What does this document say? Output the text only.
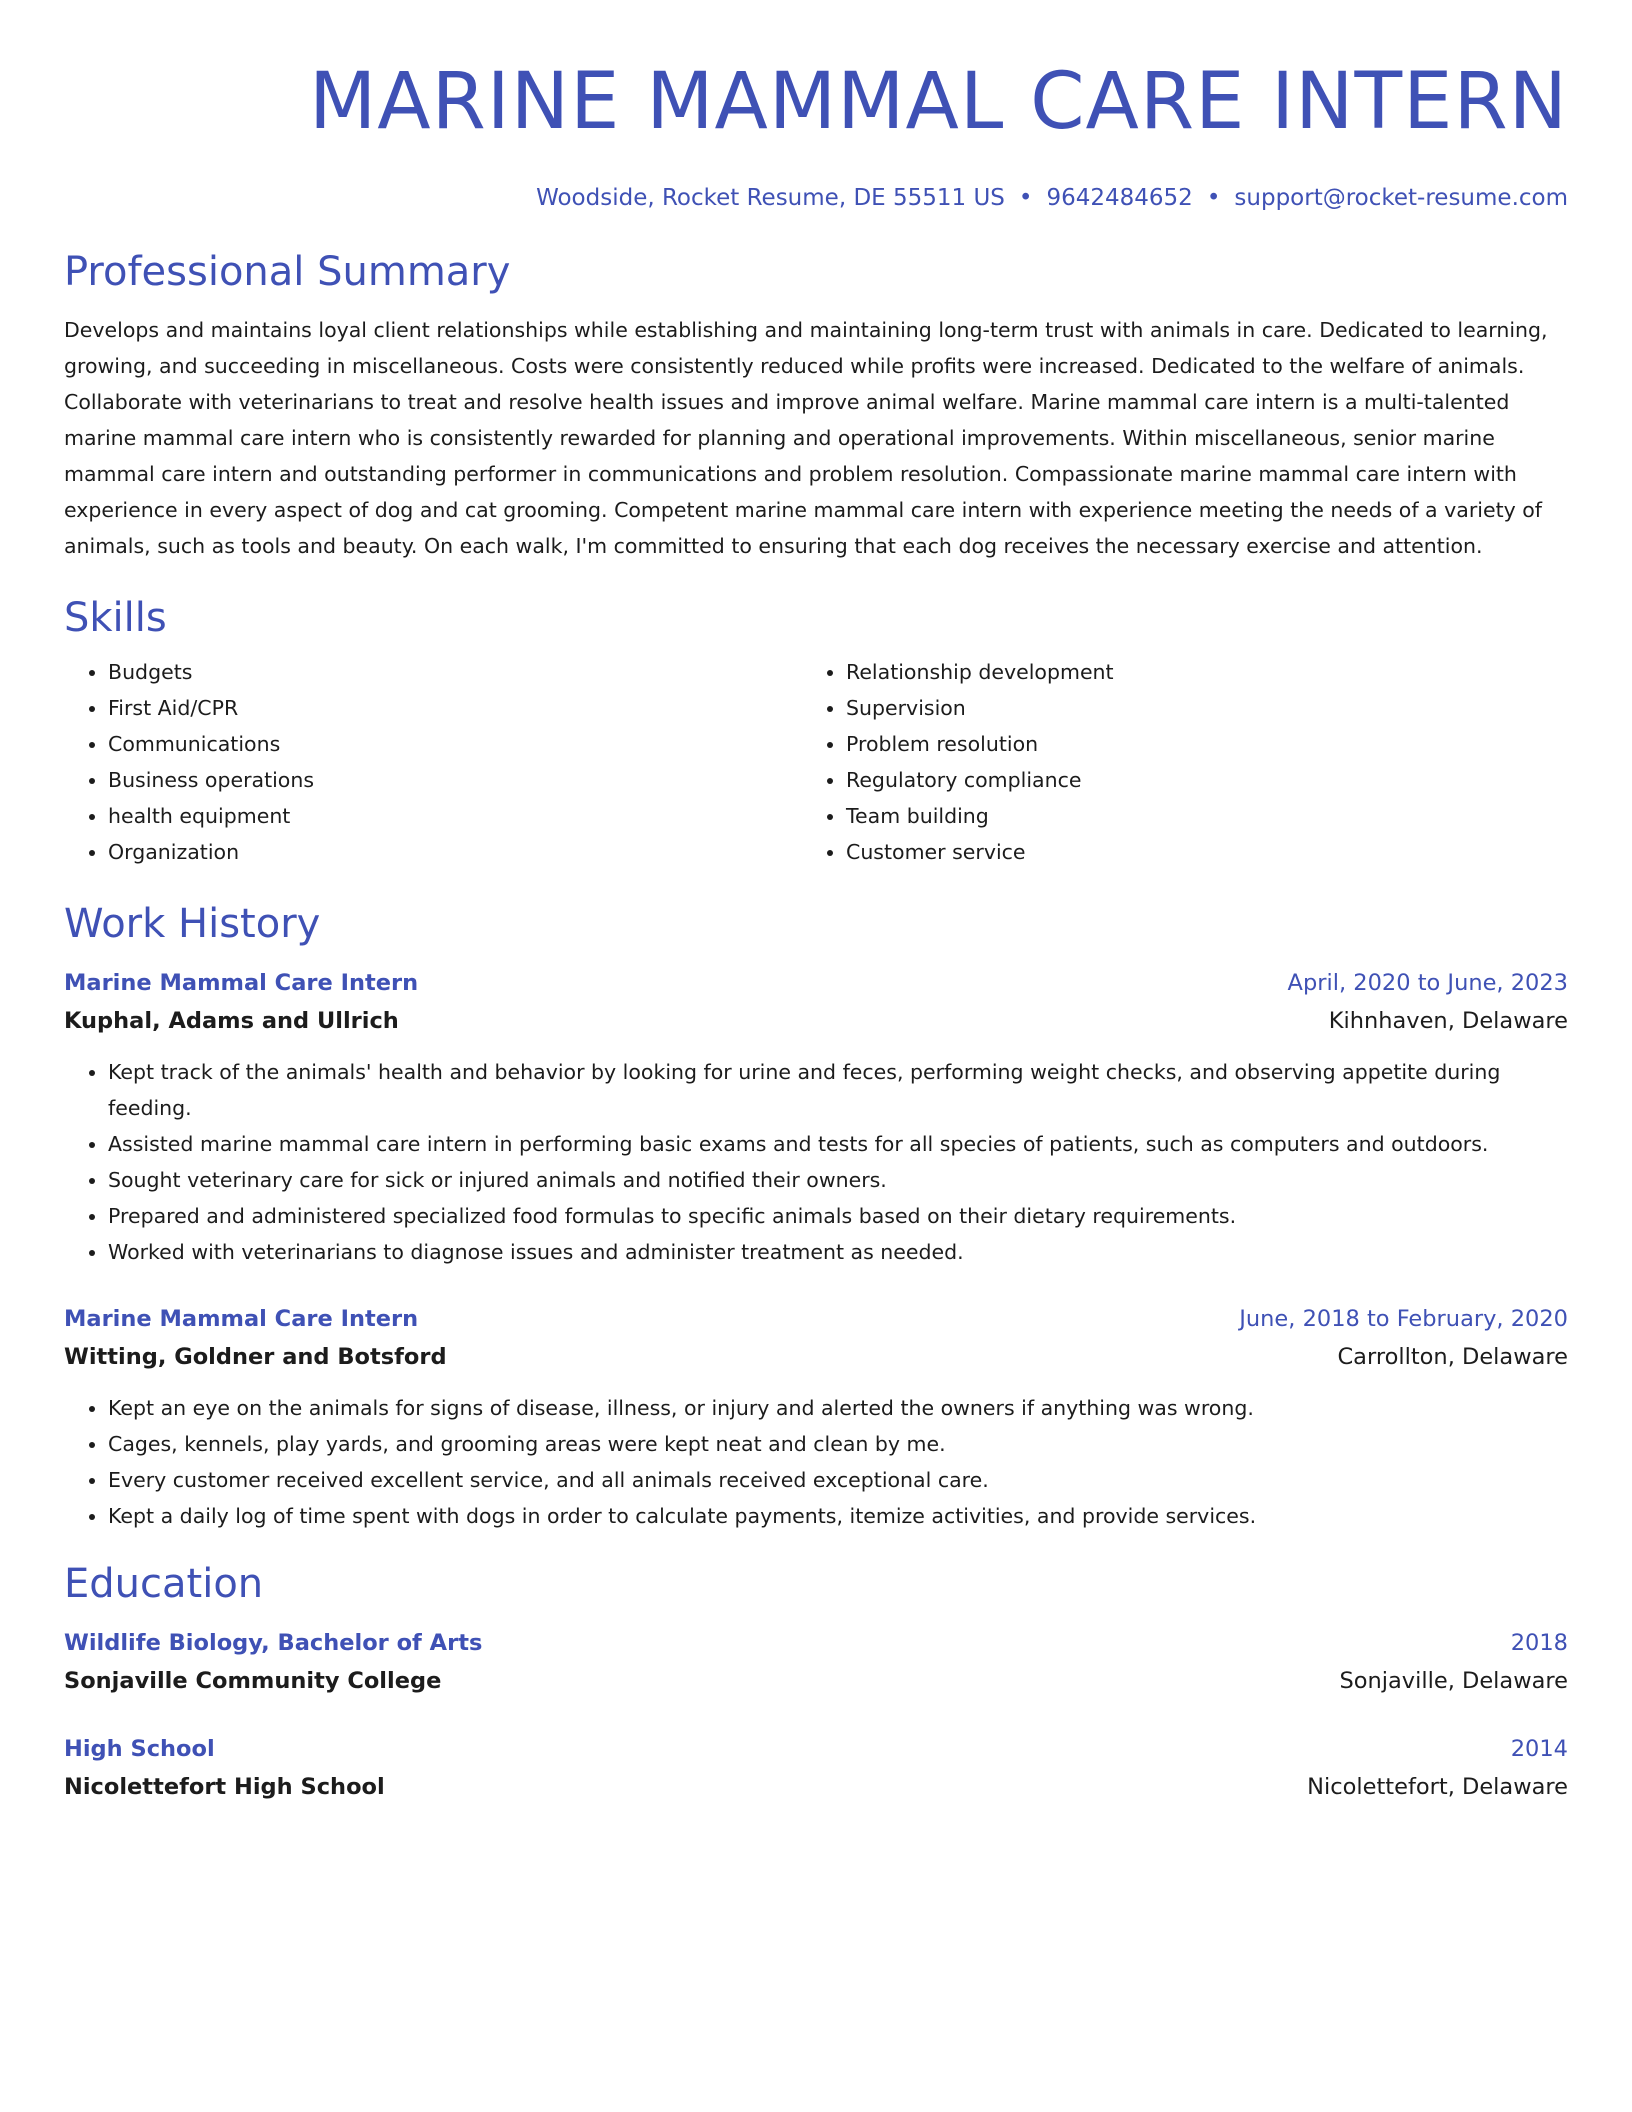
MARINE MAMMAL CARE INTERN
Woodside, Rocket Resume, DE 55511 US • 9642484652 • support@rocket-resume.com
Professional Summary
Develops and maintains loyal client relationships while establishing and maintaining long-term trust with animals in care. Dedicated to learning, growing, and succeeding in miscellaneous. Costs were consistently reduced while profits were increased. Dedicated to the welfare of animals. Collaborate with veterinarians to treat and resolve health issues and improve animal welfare. Marine mammal care intern is a multi-talented marine mammal care intern who is consistently rewarded for planning and operational improvements. Within miscellaneous, senior marine mammal care intern and outstanding performer in communications and problem resolution. Compassionate marine mammal care intern with experience in every aspect of dog and cat grooming. Competent marine mammal care intern with experience meeting the needs of a variety of animals, such as tools and beauty. On each walk, I'm committed to ensuring that each dog receives the necessary exercise and attention.
Skills
• Budgets
• First Aid/CPR
• Communications
• Business operations
• health equipment
• Organization
• Relationship development
• Supervision
• Problem resolution
• Regulatory compliance
• Team building
• Customer service
Work History
Marine Mammal Care Intern	April, 2020 to June, 2023
Kuphal, Adams and Ullrich	Kihnhaven, Delaware
• Kept track of the animals' health and behavior by looking for urine and feces, performing weight checks, and observing appetite during feeding.
• Assisted marine mammal care intern in performing basic exams and tests for all species of patients, such as computers and outdoors.
• Sought veterinary care for sick or injured animals and notified their owners.
• Prepared and administered specialized food formulas to specific animals based on their dietary requirements.
• Worked with veterinarians to diagnose issues and administer treatment as needed.
Marine Mammal Care Intern	June, 2018 to February, 2020
Witting, Goldner and Botsford	Carrollton, Delaware
• Kept an eye on the animals for signs of disease, illness, or injury and alerted the owners if anything was wrong.
• Cages, kennels, play yards, and grooming areas were kept neat and clean by me.
• Every customer received excellent service, and all animals received exceptional care.
• Kept a daily log of time spent with dogs in order to calculate payments, itemize activities, and provide services.
Education
Wildlife Biology, Bachelor of Arts	2018
Sonjaville Community College	Sonjaville, Delaware
High School	2014
Nicolettefort High School	Nicolettefort, Delaware
